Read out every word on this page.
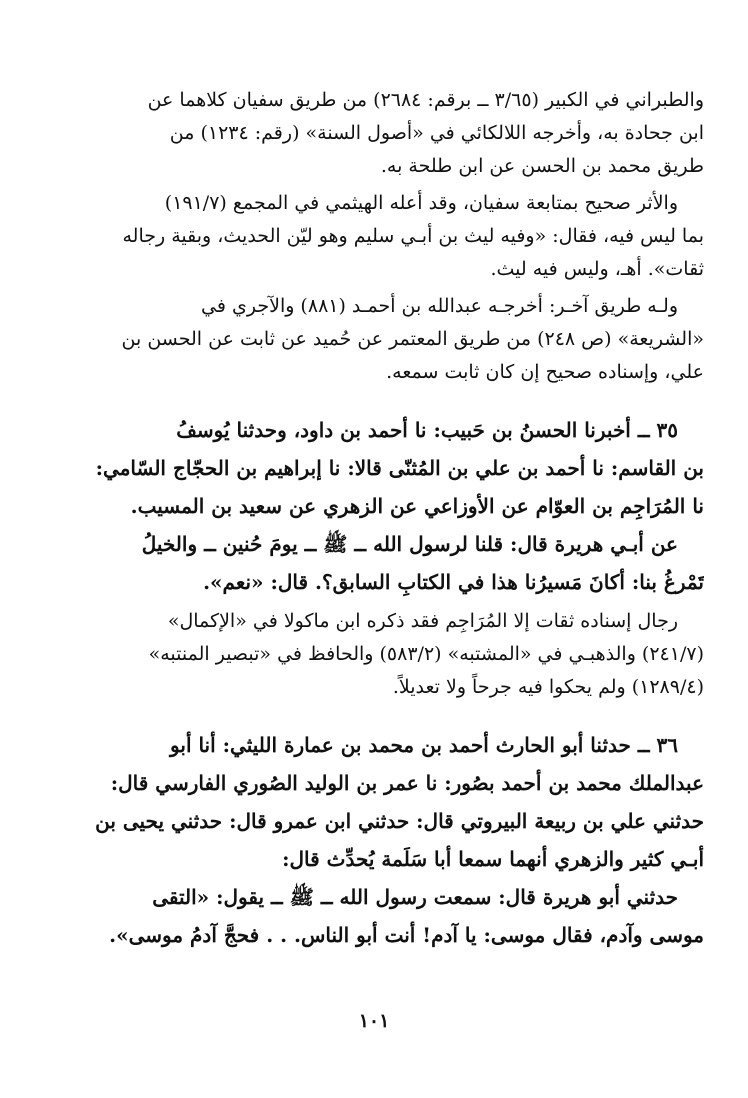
والطبراني في الكبير (٣/٦٥ ــ برقم: ٢٦٨٤) من طريق سفيان كلاهما عن
ابن جحادة به، وأخرجه اللالكائي في «أصول السنة» (رقم: ١٢٣٤) من
طريق محمد بن الحسن عن ابن طلحة به.
والأثر صحيح بمتابعة سفيان، وقد أعله الهيثمي في المجمع (١٩١/٧)
بما ليس فيه، فقال: «وفيه ليث بن أبـي سليم وهو ليّن الحديث، وبقية رجاله
ثقات». أهـ، وليس فيه ليث.
ولـه طريق آخـر: أخرجـه عبدالله بن أحمـد (٨٨١) والآجري في
«الشريعة» (ص ٢٤٨) من طريق المعتمر عن حُميد عن ثابت عن الحسن بن
علي، وإسناده صحيح إن كان ثابت سمعه.
٣٥ ــ أخبرنا الحسنُ بن حَبيب: نا أحمد بن داود، وحدثنا يُوسفُ
بن القاسم: نا أحمد بن علي بن المُثنّى قالا: نا إبراهيم بن الحجّاج السّامي:
نا المُرَاجِم بن العوّام عن الأوزاعي عن الزهري عن سعيد بن المسيب.
عن أبـي هريرة قال: قلنا لرسول الله ــ ﷺ ــ يومَ حُنين ــ والخيلُ
تَمْرغُ بنا: أكانَ مَسيرُنا هذا في الكتابِ السابق؟. قال: «نعم».
رجال إسناده ثقات إلا المُرَاجِم فقد ذكره ابن ماكولا في «الإكمال»
(٢٤١/٧) والذهبـي في «المشتبه» (٥٨٣/٢) والحافظ في «تبصير المنتبه»
(١٢٨٩/٤) ولم يحكوا فيه جرحاً ولا تعديلاً.
٣٦ ــ حدثنا أبو الحارث أحمد بن محمد بن عمارة الليثي: أنا أبو
عبدالملك محمد بن أحمد بصُور: نا عمر بن الوليد الصُوري الفارسي قال:
حدثني علي بن ربيعة البيروتي قال: حدثني ابن عمرو قال: حدثني يحيى بن
أبـي كثير والزهري أنهما سمعا أبا سَلَمة يُحدِّث قال:
حدثني أبو هريرة قال: سمعت رسول الله ــ ﷺ ــ يقول: «التقى
موسى وآدم، فقال موسى: يا آدم! أنت أبو الناس. . . فحجَّ آدمُ موسى».
١٠١
